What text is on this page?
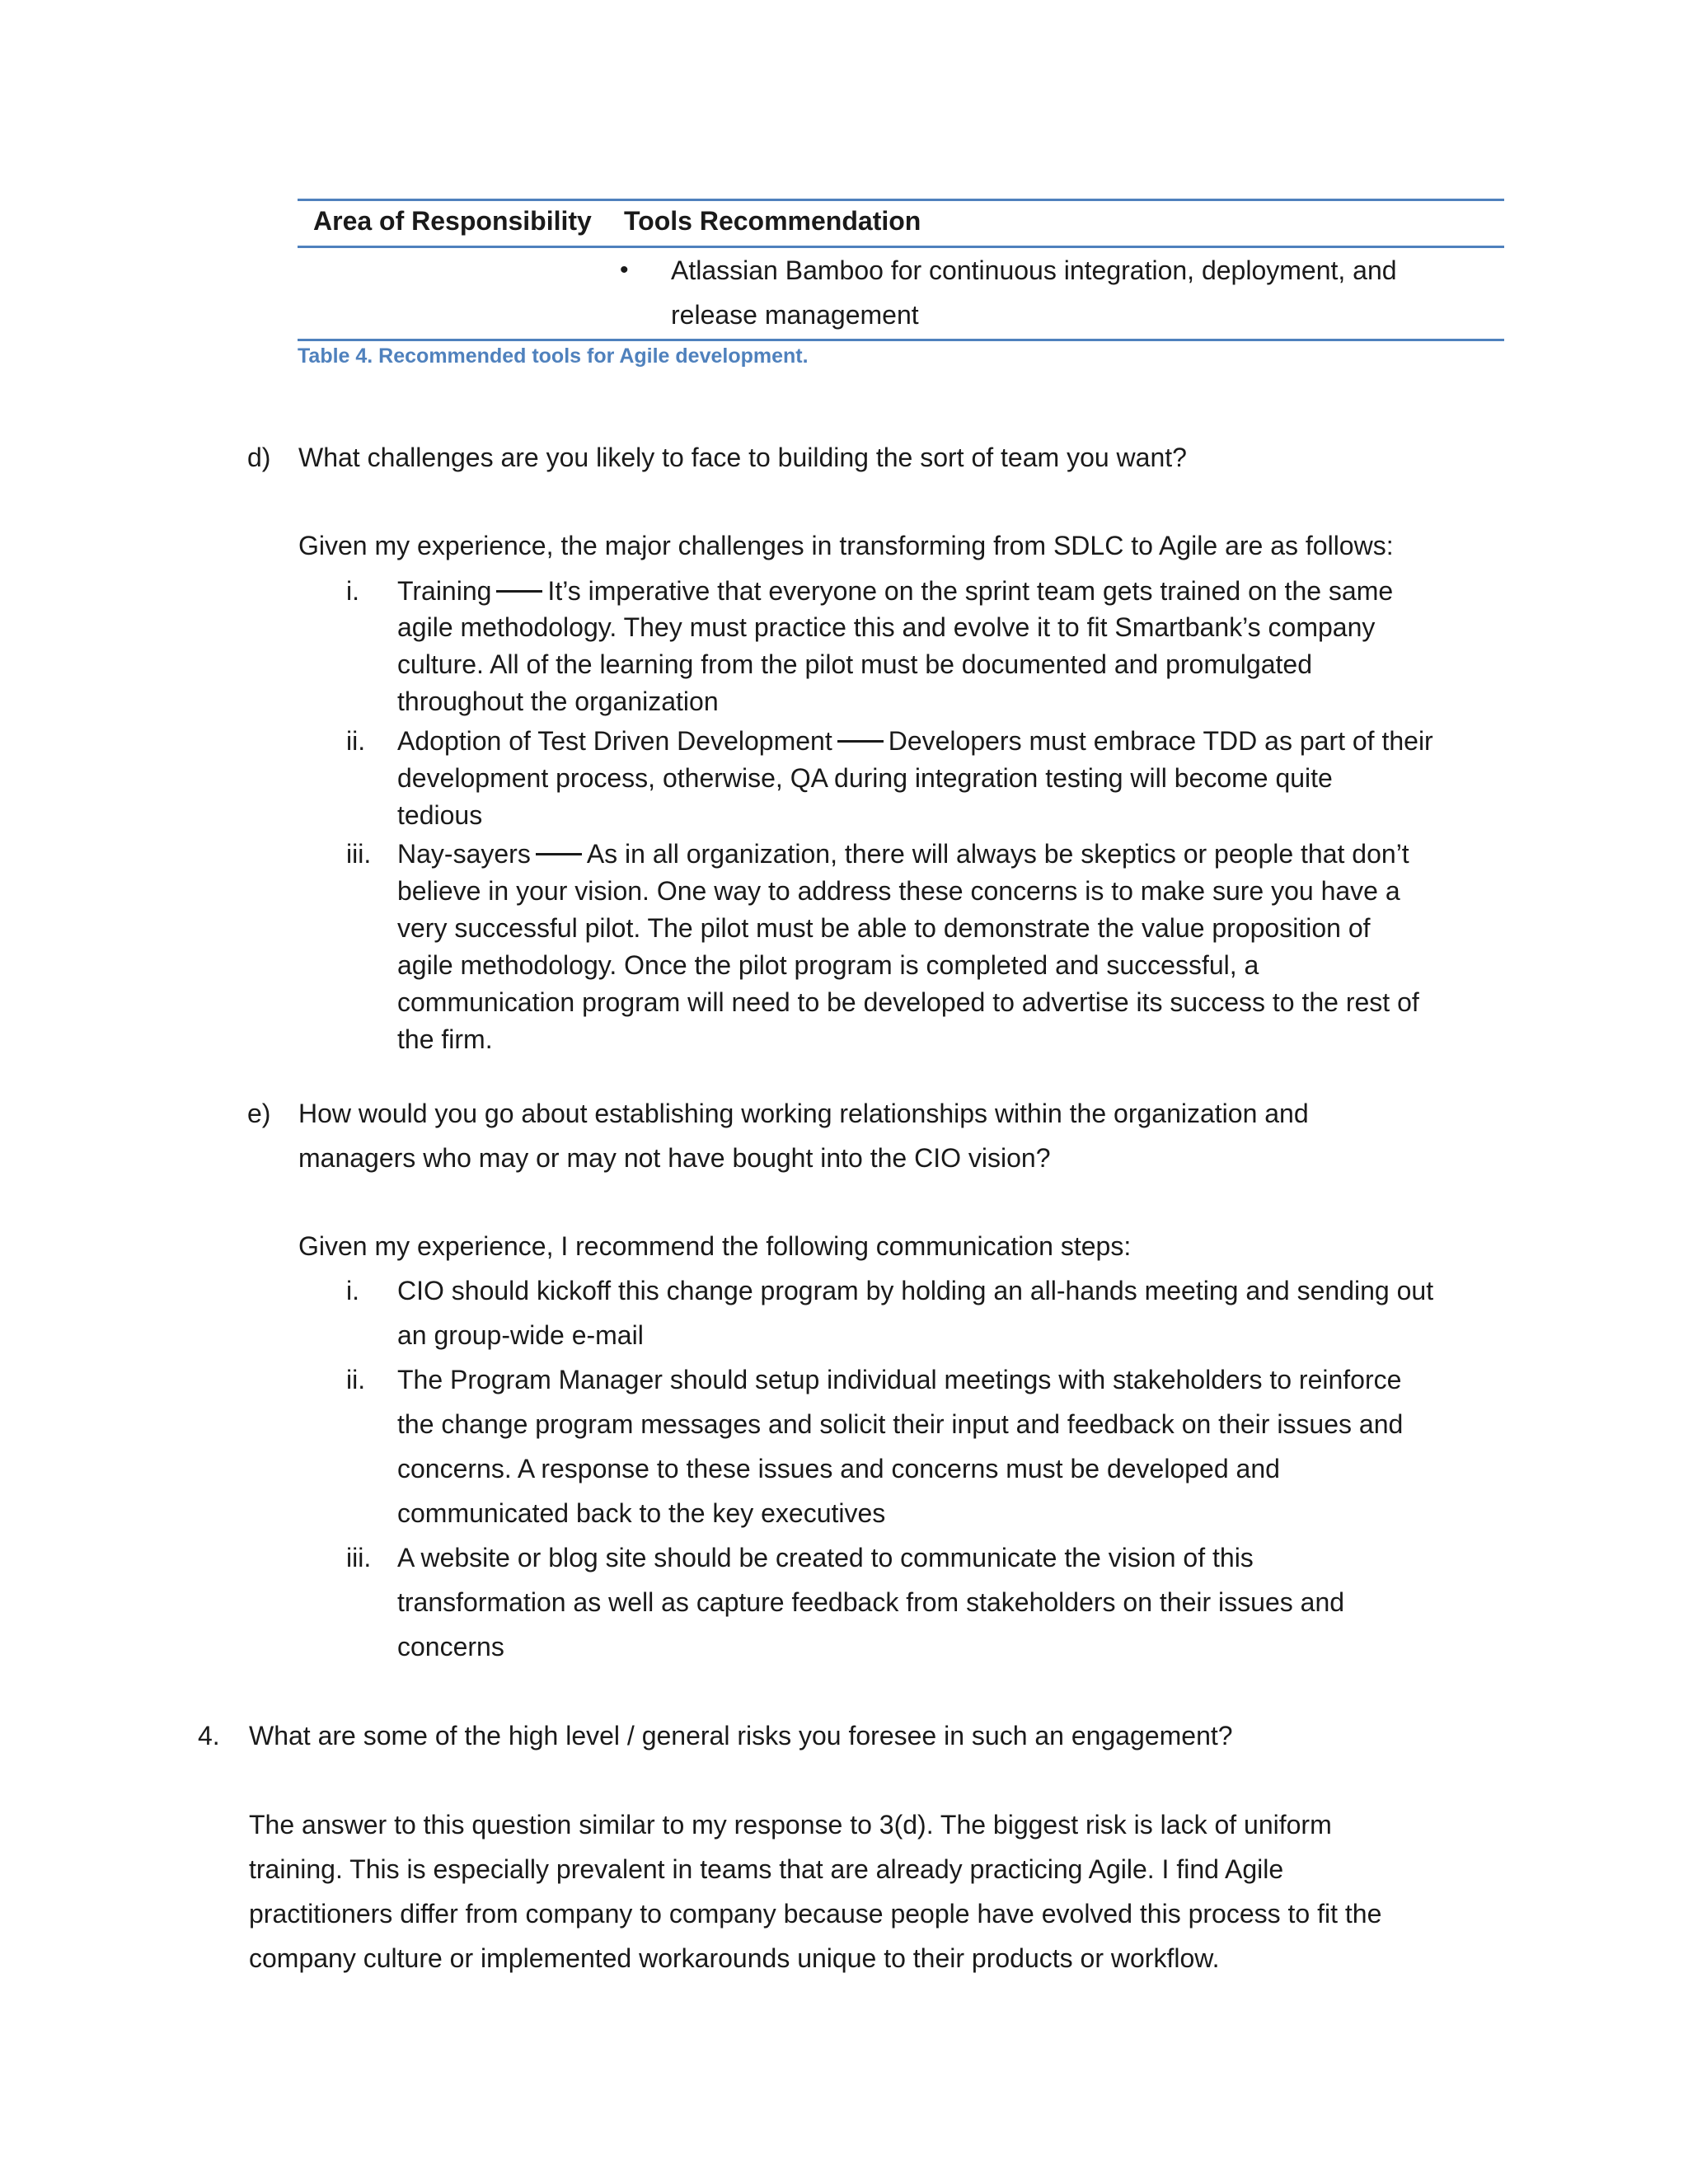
Area of Responsibility Tools Recommendation
• Atlassian Bamboo for continuous integration, deployment, and
release management
Table 4. Recommended tools for Agile development.
d) What challenges are you likely to face to building the sort of team you want?
Given my experience, the major challenges in transforming from SDLC to Agile are as follows:
i. Training It’s imperative that everyone on the sprint team gets trained on the same
agile methodology. They must practice this and evolve it to fit Smartbank’s company
culture. All of the learning from the pilot must be documented and promulgated
throughout the organization
ii. Adoption of Test Driven Development Developers must embrace TDD as part of their
development process, otherwise, QA during integration testing will become quite
tedious
iii. Nay-sayers As in all organization, there will always be skeptics or people that don’t
believe in your vision. One way to address these concerns is to make sure you have a
very successful pilot. The pilot must be able to demonstrate the value proposition of
agile methodology. Once the pilot program is completed and successful, a
communication program will need to be developed to advertise its success to the rest of
the firm.
e) How would you go about establishing working relationships within the organization and
managers who may or may not have bought into the CIO vision?
Given my experience, I recommend the following communication steps:
i. CIO should kickoff this change program by holding an all-hands meeting and sending out
an group-wide e-mail
ii. The Program Manager should setup individual meetings with stakeholders to reinforce
the change program messages and solicit their input and feedback on their issues and
concerns. A response to these issues and concerns must be developed and
communicated back to the key executives
iii. A website or blog site should be created to communicate the vision of this
transformation as well as capture feedback from stakeholders on their issues and
concerns
4. What are some of the high level / general risks you foresee in such an engagement?
The answer to this question similar to my response to 3(d). The biggest risk is lack of uniform
training. This is especially prevalent in teams that are already practicing Agile. I find Agile
practitioners differ from company to company because people have evolved this process to fit the
company culture or implemented workarounds unique to their products or workflow.
